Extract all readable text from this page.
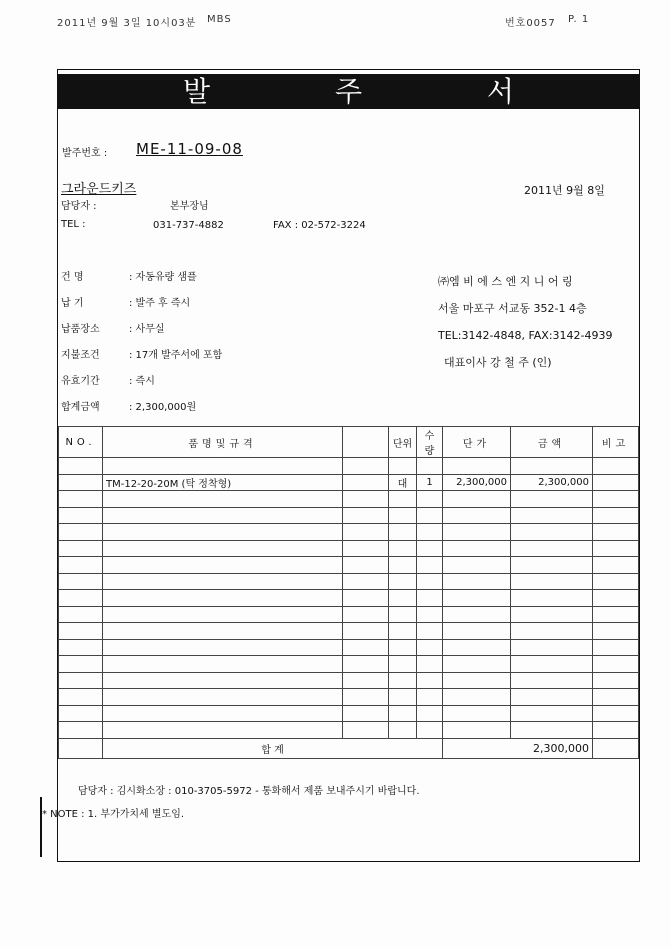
2011년 9월 3일 10시03분 MBS	번호0057 P. 1
발 주 서
발주번호 : ME-11-09-08
그라운드키즈	2011년 9월 8일
담당자 :	본부장님
TEL :	031-737-4882	FAX : 02-572-3224
건 명	: 자동유량 샘플
납 기	: 발주 후 즉시
납품장소	: 사무실
지불조건	: 17개 발주서에 포함
유효기간	: 즉시
합계금액	: 2,300,000원
㈜엠 비 에 스 엔 지 니 어 링
서울 마포구 서교동 352-1 4층
TEL:3142-4848, FAX:3142-4939
대표이사 강 철 주 (인)
NO.	품명및규격		단위	수량	단가	금액	비고

	TM-12-20-20M (탁 정착형)		대	1	2,300,000	2,300,000	

	합 계				2,300,000		
담당자 : 김시화소장 : 010-3705-5972 - 통화해서 제품 보내주시기 바랍니다.
* NOTE : 1. 부가가치세 별도임.
